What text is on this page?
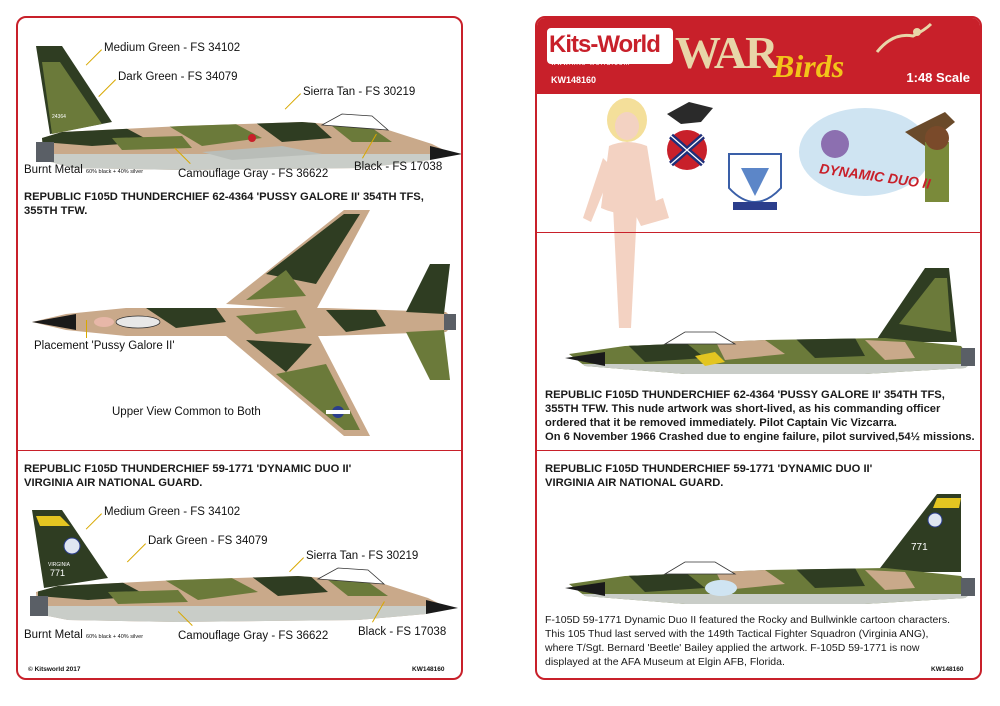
24364
Medium Green - FS 34102
Dark Green - FS 34079
Sierra Tan - FS 30219
Burnt Metal 60% black + 40% silver	Camouflage Gray - FS 36622
Black - FS 17038
REPUBLIC F105D THUNDERCHIEF 62-4364 'PUSSY GALORE II' 354TH TFS,
355TH TFW.
Placement 'Pussy Galore II'
Upper View Common to Both
REPUBLIC F105D THUNDERCHIEF 59-1771 'DYNAMIC DUO II'
VIRGINIA AIR NATIONAL GUARD.
VIRGINIA
771
Medium Green - FS 34102
Dark Green - FS 34079
Sierra Tan - FS 30219
Burnt Metal 60% black + 40% silver	Camouflage Gray - FS 36622	Black - FS 17038
© Kitsworld 2017	KW148160
Kits-World
www.kits-world.com
KW148160
WAR
Birds	1:48 Scale
DYNAMIC DUO II
REPUBLIC F105D THUNDERCHIEF 62-4364 'PUSSY GALORE II' 354TH TFS,
355TH TFW. This nude artwork was short-lived, as his commanding officer
ordered that it be removed immediately. Pilot Captain Vic Vizcarra.
On 6 November 1966 Crashed due to engine failure, pilot survived,54½ missions.
REPUBLIC F105D THUNDERCHIEF 59-1771 'DYNAMIC DUO II'
VIRGINIA AIR NATIONAL GUARD.
771
F-105D 59-1771 Dynamic Duo II featured the Rocky and Bullwinkle cartoon characters.
This 105 Thud last served with the 149th Tactical Fighter Squadron (Virginia ANG),
where T/Sgt. Bernard 'Beetle' Bailey applied the artwork. F-105D 59-1771 is now
displayed at the AFA Museum at Elgin AFB, Florida.
KW148160
